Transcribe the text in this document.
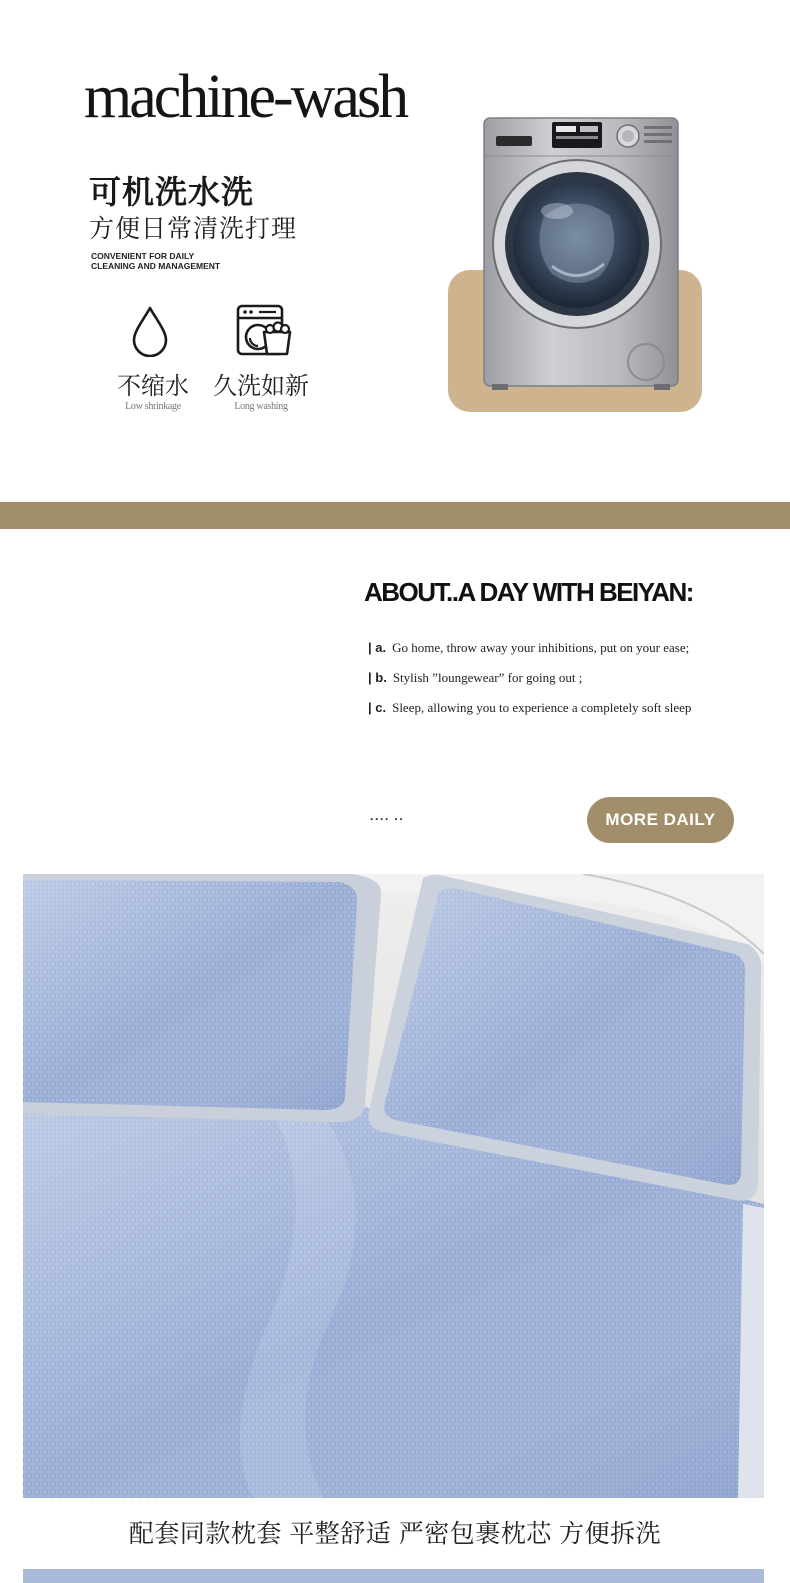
machine-wash
可机洗水洗
方便日常清洗打理
CONVENIENT FOR DAILY
CLEANING AND MANAGEMENT
不缩水
Low shrinkage
久洗如新
Long washing
ABOUT..A DAY WITH BEIYAN:
| a. Go home, throw away your inhibitions, put on your ease;
| b. Stylish ”loungewear” for going out ;
| c. Sleep, allowing you to experience a completely soft sleep
···· ··	MORE DAILY
配套同款枕套 平整舒适 严密包裹枕芯 方便拆洗
